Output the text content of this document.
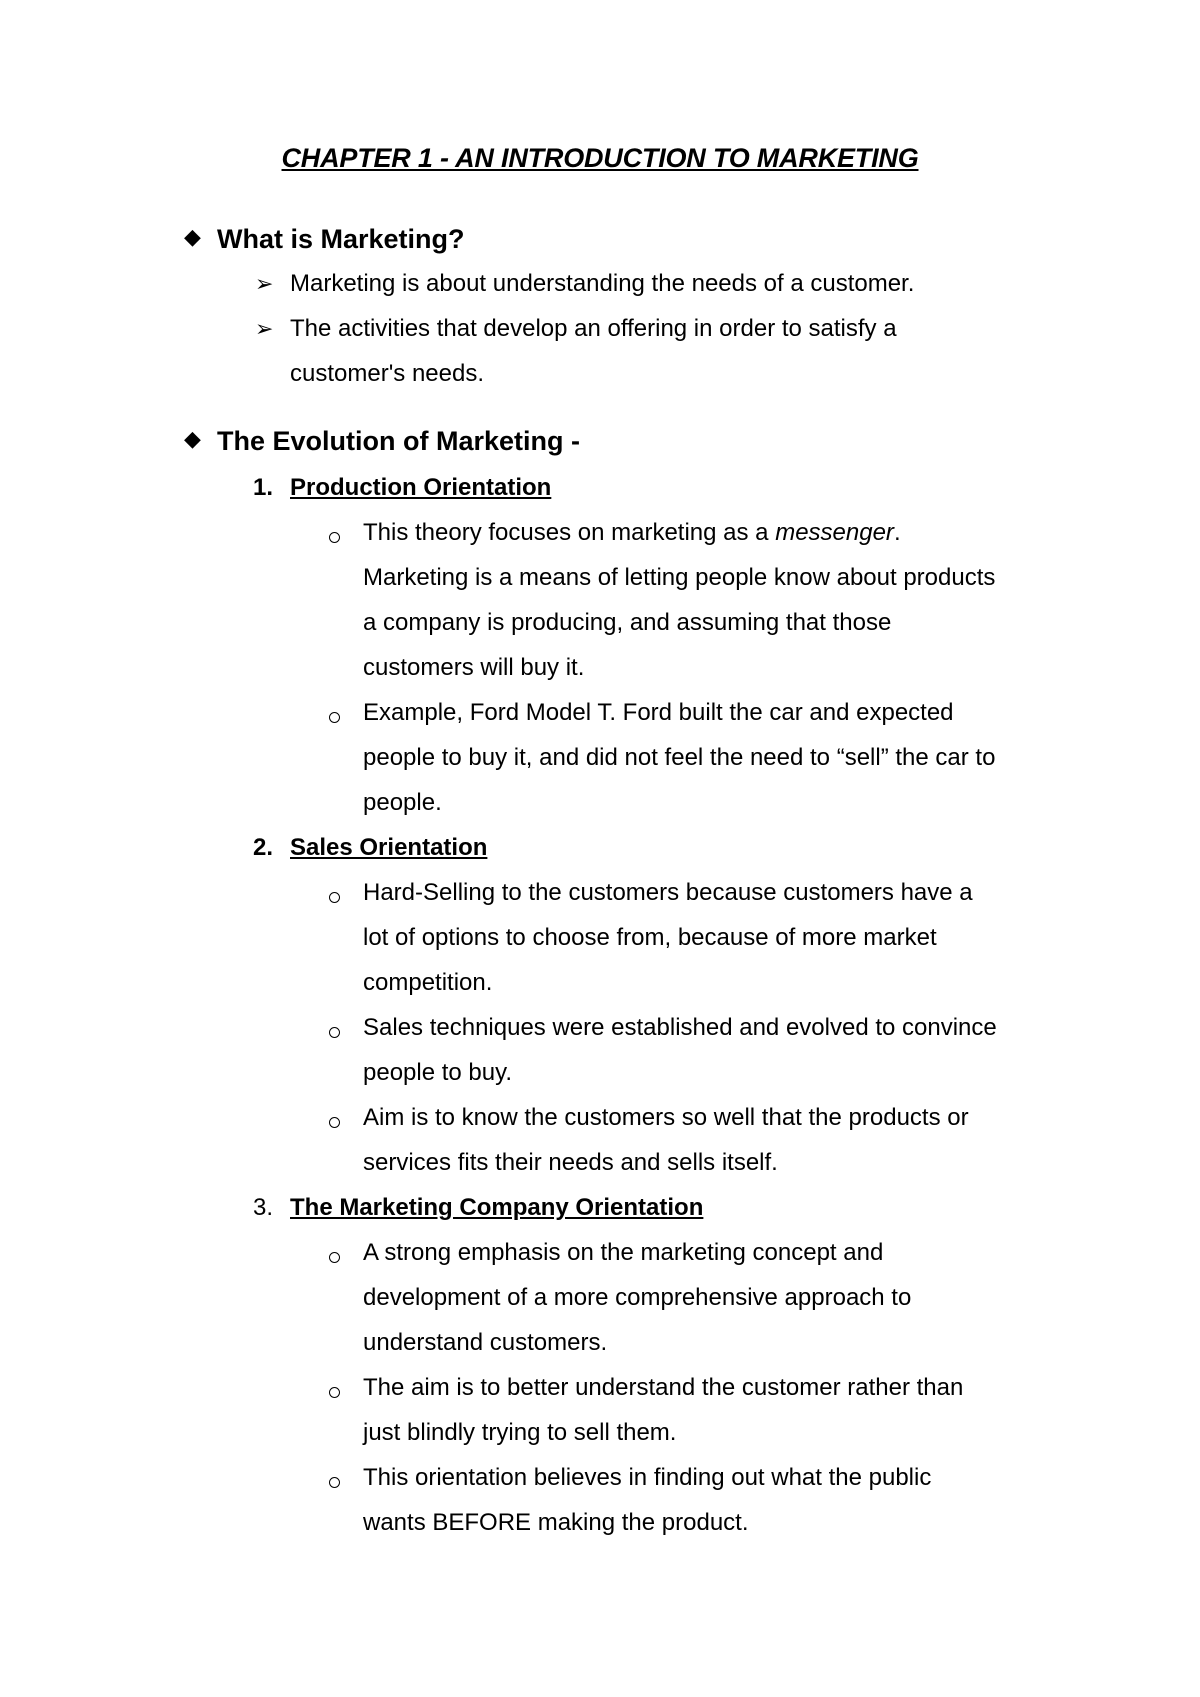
CHAPTER 1 - AN INTRODUCTION TO MARKETING
◆ What is Marketing?
➢ Marketing is about understanding the needs of a customer.
➢ The activities that develop an offering in order to satisfy a
customer's needs.
◆ The Evolution of Marketing -
1. Production Orientation
This theory focuses on marketing as a messenger.
Marketing is a means of letting people know about products
a company is producing, and assuming that those
customers will buy it.
Example, Ford Model T. Ford built the car and expected
people to buy it, and did not feel the need to “sell” the car to
people.
2. Sales Orientation
Hard-Selling to the customers because customers have a
lot of options to choose from, because of more market
competition.
Sales techniques were established and evolved to convince
people to buy.
Aim is to know the customers so well that the products or
services fits their needs and sells itself.
3. The Marketing Company Orientation
A strong emphasis on the marketing concept and
development of a more comprehensive approach to
understand customers.
The aim is to better understand the customer rather than
just blindly trying to sell them.
This orientation believes in finding out what the public
wants BEFORE making the product.
